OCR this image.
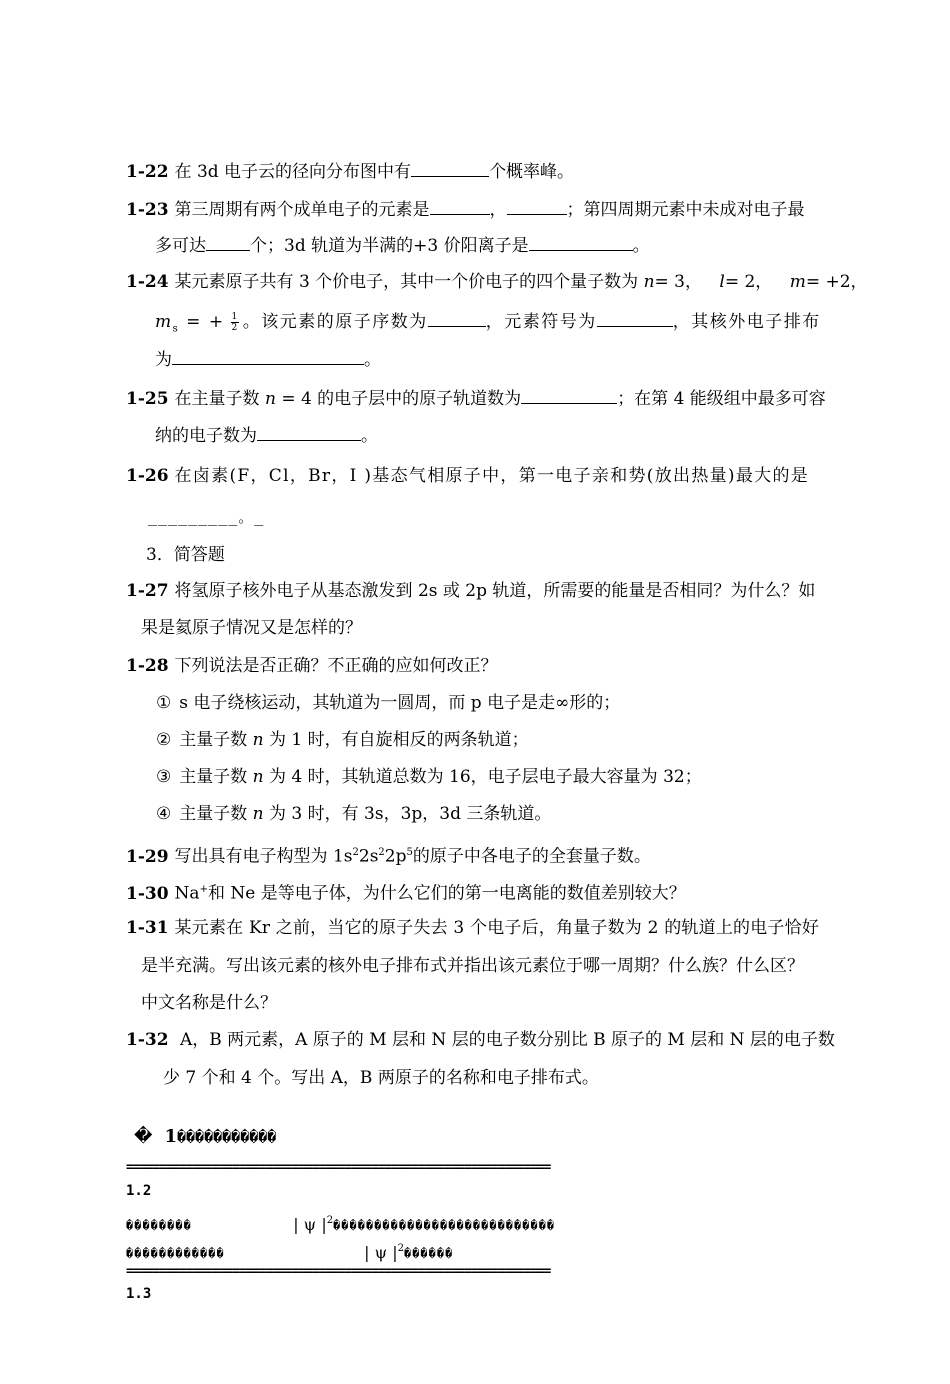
1-22 在 3d 电子云的径向分布图中有	个概率峰。
1-23 第三周期有两个成单电子的元素是	，	；第四周期元素中未成对电子最
多可达	个；3d 轨道为半满的+3 价阳离子是	。
1-24 某元素原子共有 3 个价电子，其中一个价电子的四个量子数为 n= 3， l= 2， m= +2，
$m_s$ = + $\frac{1}{2}$ 。该元素的原子序数为	，元素符号为	，其核外电子排布
为	。
1-25 在主量子数 n = 4 的电子层中的原子轨道数为	；在第 4 能级组中最多可容
纳的电子数为	。
1-26 在卤素(F，Cl，Br，I )基态气相原子中，第一电子亲和势(放出热量)最大的是
_________。_
3．简答题
1-27 将氢原子核外电子从基态激发到 2s 或 2p 轨道，所需要的能量是否相同？为什么？如
果是氦原子情况又是怎样的？
1-28 下列说法是否正确？不正确的应如何改正？
① s 电子绕核运动，其轨道为一圆周，而 p 电子是走∞形的；
② 主量子数 n 为 1 时，有自旋相反的两条轨道；
③ 主量子数 n 为 4 时，其轨道总数为 16，电子层电子最大容量为 32；
④ 主量子数 n 为 3 时，有 3s，3p，3d 三条轨道。
1-29 写出具有电子构型为 $1s^22s^22p^5$的原子中各电子的全套量子数。
1-30 Na+和 Ne 是等电子体，为什么它们的第一电离能的数值差别较大？
1-31 某元素在 Kr 之前，当它的原子失去 3 个电子后，角量子数为 2 的轨道上的电子恰好
是半充满。写出该元素的核外电子排布式并指出该元素位于哪一周期？什么族？什么区？
中文名称是什么？
1-32 A，B 两元素，A 原子的 M 层和 N 层的电子数分别比 B 原子的 M 层和 N 层的电子数
少 7 个和 4 个。写出 A，B 两原子的名称和电子排布式。
� 1�����������
================================================================
1.2
��������	| ψ $|^2���������������������������$
������������	| ψ $|^2������$
================================================================
1.3
